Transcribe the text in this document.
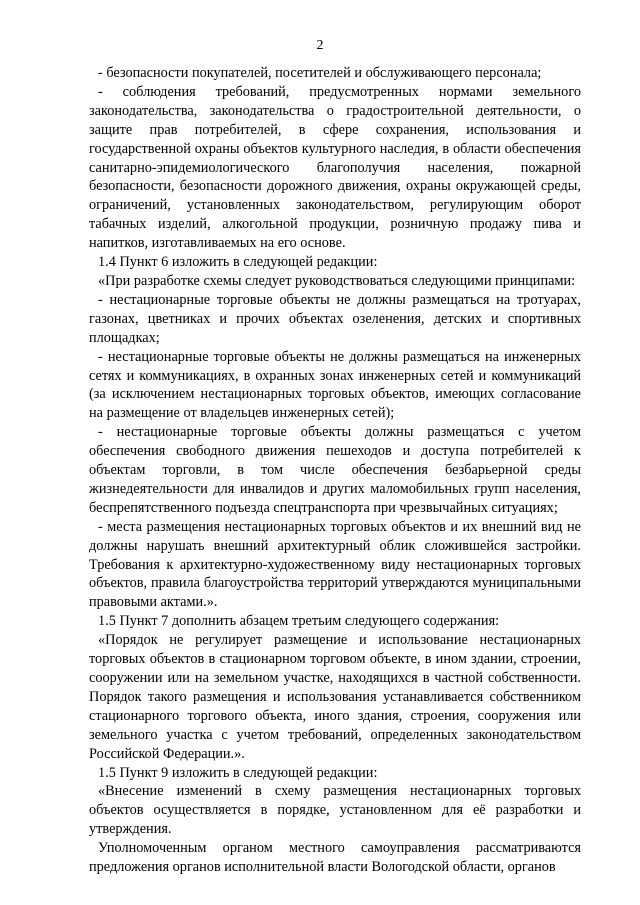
2

- безопасности покупателей, посетителей и обслуживающего персонала;

- соблюдения требований, предусмотренных нормами земельного законодательства, законодательства о градостроительной деятельности, о защите прав потребителей, в сфере сохранения, использования и государственной охраны объектов культурного наследия, в области обеспечения санитарно-эпидемиологического благополучия населения, пожарной безопасности, безопасности дорожного движения, охраны окружающей среды, ограничений, установленных законодательством, регулирующим оборот табачных изделий, алкогольной продукции, розничную продажу пива и напитков, изготавливаемых на его основе.

1.4 Пункт 6 изложить в следующей редакции:

«При разработке схемы следует руководствоваться следующими принципами:

- нестационарные торговые объекты не должны размещаться на тротуарах, газонах, цветниках и прочих объектах озеленения, детских и спортивных площадках;

- нестационарные торговые объекты не должны размещаться на инженерных сетях и коммуникациях, в охранных зонах инженерных сетей и коммуникаций (за исключением нестационарных торговых объектов, имеющих согласование на размещение от владельцев инженерных сетей);

- нестационарные торговые объекты должны размещаться с учетом обеспечения свободного движения пешеходов и доступа потребителей к объектам торговли, в том числе обеспечения безбарьерной среды жизнедеятельности для инвалидов и других маломобильных групп населения, беспрепятственного подъезда спецтранспорта при чрезвычайных ситуациях;

- места размещения нестационарных торговых объектов и их внешний вид не должны нарушать внешний архитектурный облик сложившейся застройки. Требования к архитектурно-художественному виду нестационарных торговых объектов, правила благоустройства территорий утверждаются муниципальными правовыми актами.».

1.5 Пункт 7 дополнить абзацем третьим следующего содержания:

«Порядок не регулирует размещение и использование нестационарных торговых объектов в стационарном торговом объекте, в ином здании, строении, сооружении или на земельном участке, находящихся в частной собственности. Порядок такого размещения и использования устанавливается собственником стационарного торгового объекта, иного здания, строения, сооружения или земельного участка с учетом требований, определенных законодательством Российской Федерации.».

1.5 Пункт 9 изложить в следующей редакции:

«Внесение изменений в схему размещения нестационарных торговых объектов осуществляется в порядке, установленном для её разработки и утверждения.

Уполномоченным органом местного самоуправления рассматриваются предложения органов исполнительной власти Вологодской области, органов
